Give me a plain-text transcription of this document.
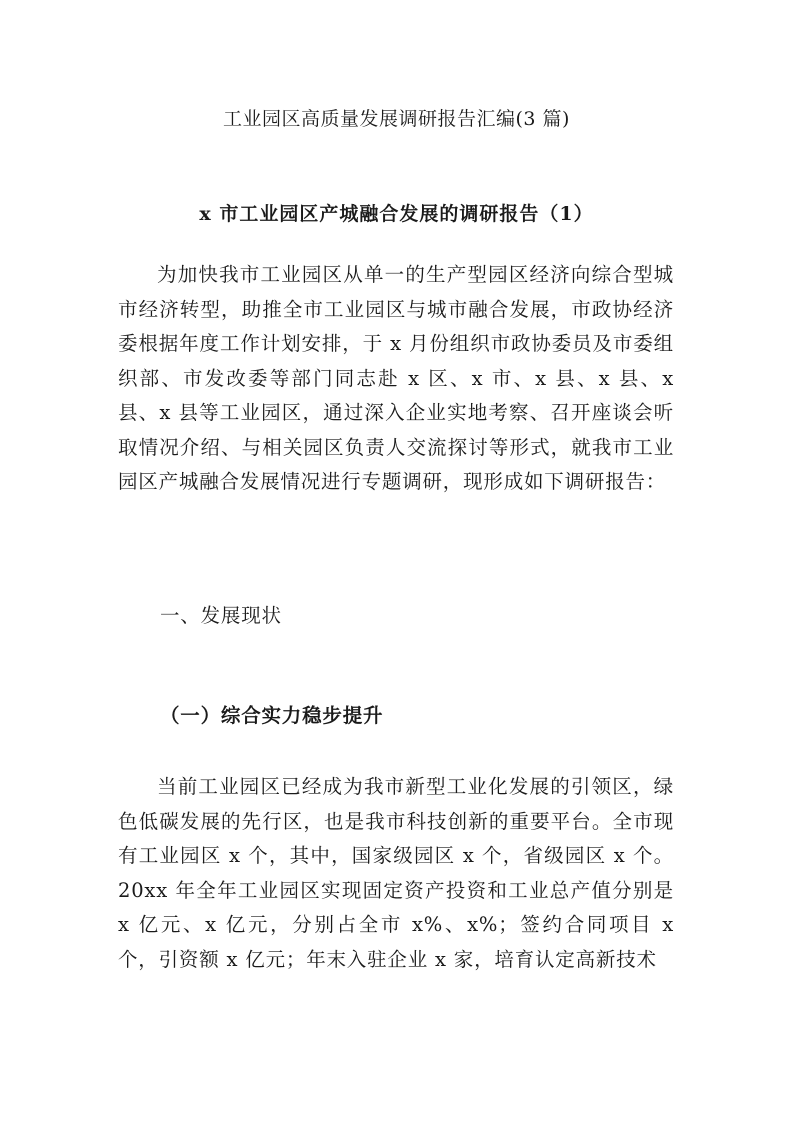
工业园区高质量发展调研报告汇编(3 篇)
x 市工业园区产城融合发展的调研报告（1）

为加快我市工业园区从单一的生产型园区经济向综合型城市经济转型，助推全市工业园区与城市融合发展，市政协经济委根据年度工作计划安排，于 x 月份组织市政协委员及市委组织部、市发改委等部门同志赴 x 区、x 市、x 县、x 县、x 县、x 县等工业园区，通过深入企业实地考察、召开座谈会听取情况介绍、与相关园区负责人交流探讨等形式，就我市工业园区产城融合发展情况进行专题调研，现形成如下调研报告：

一、发展现状
（一）综合实力稳步提升

当前工业园区已经成为我市新型工业化发展的引领区，绿色低碳发展的先行区，也是我市科技创新的重要平台。全市现有工业园区 x 个，其中，国家级园区 x 个，省级园区 x 个。20xx 年全年工业园区实现固定资产投资和工业总产值分别是 x 亿元、x 亿元，分别占全市 x%、x%；签约合同项目 x 个，引资额 x 亿元；年末入驻企业 x 家，培育认定高新技术
